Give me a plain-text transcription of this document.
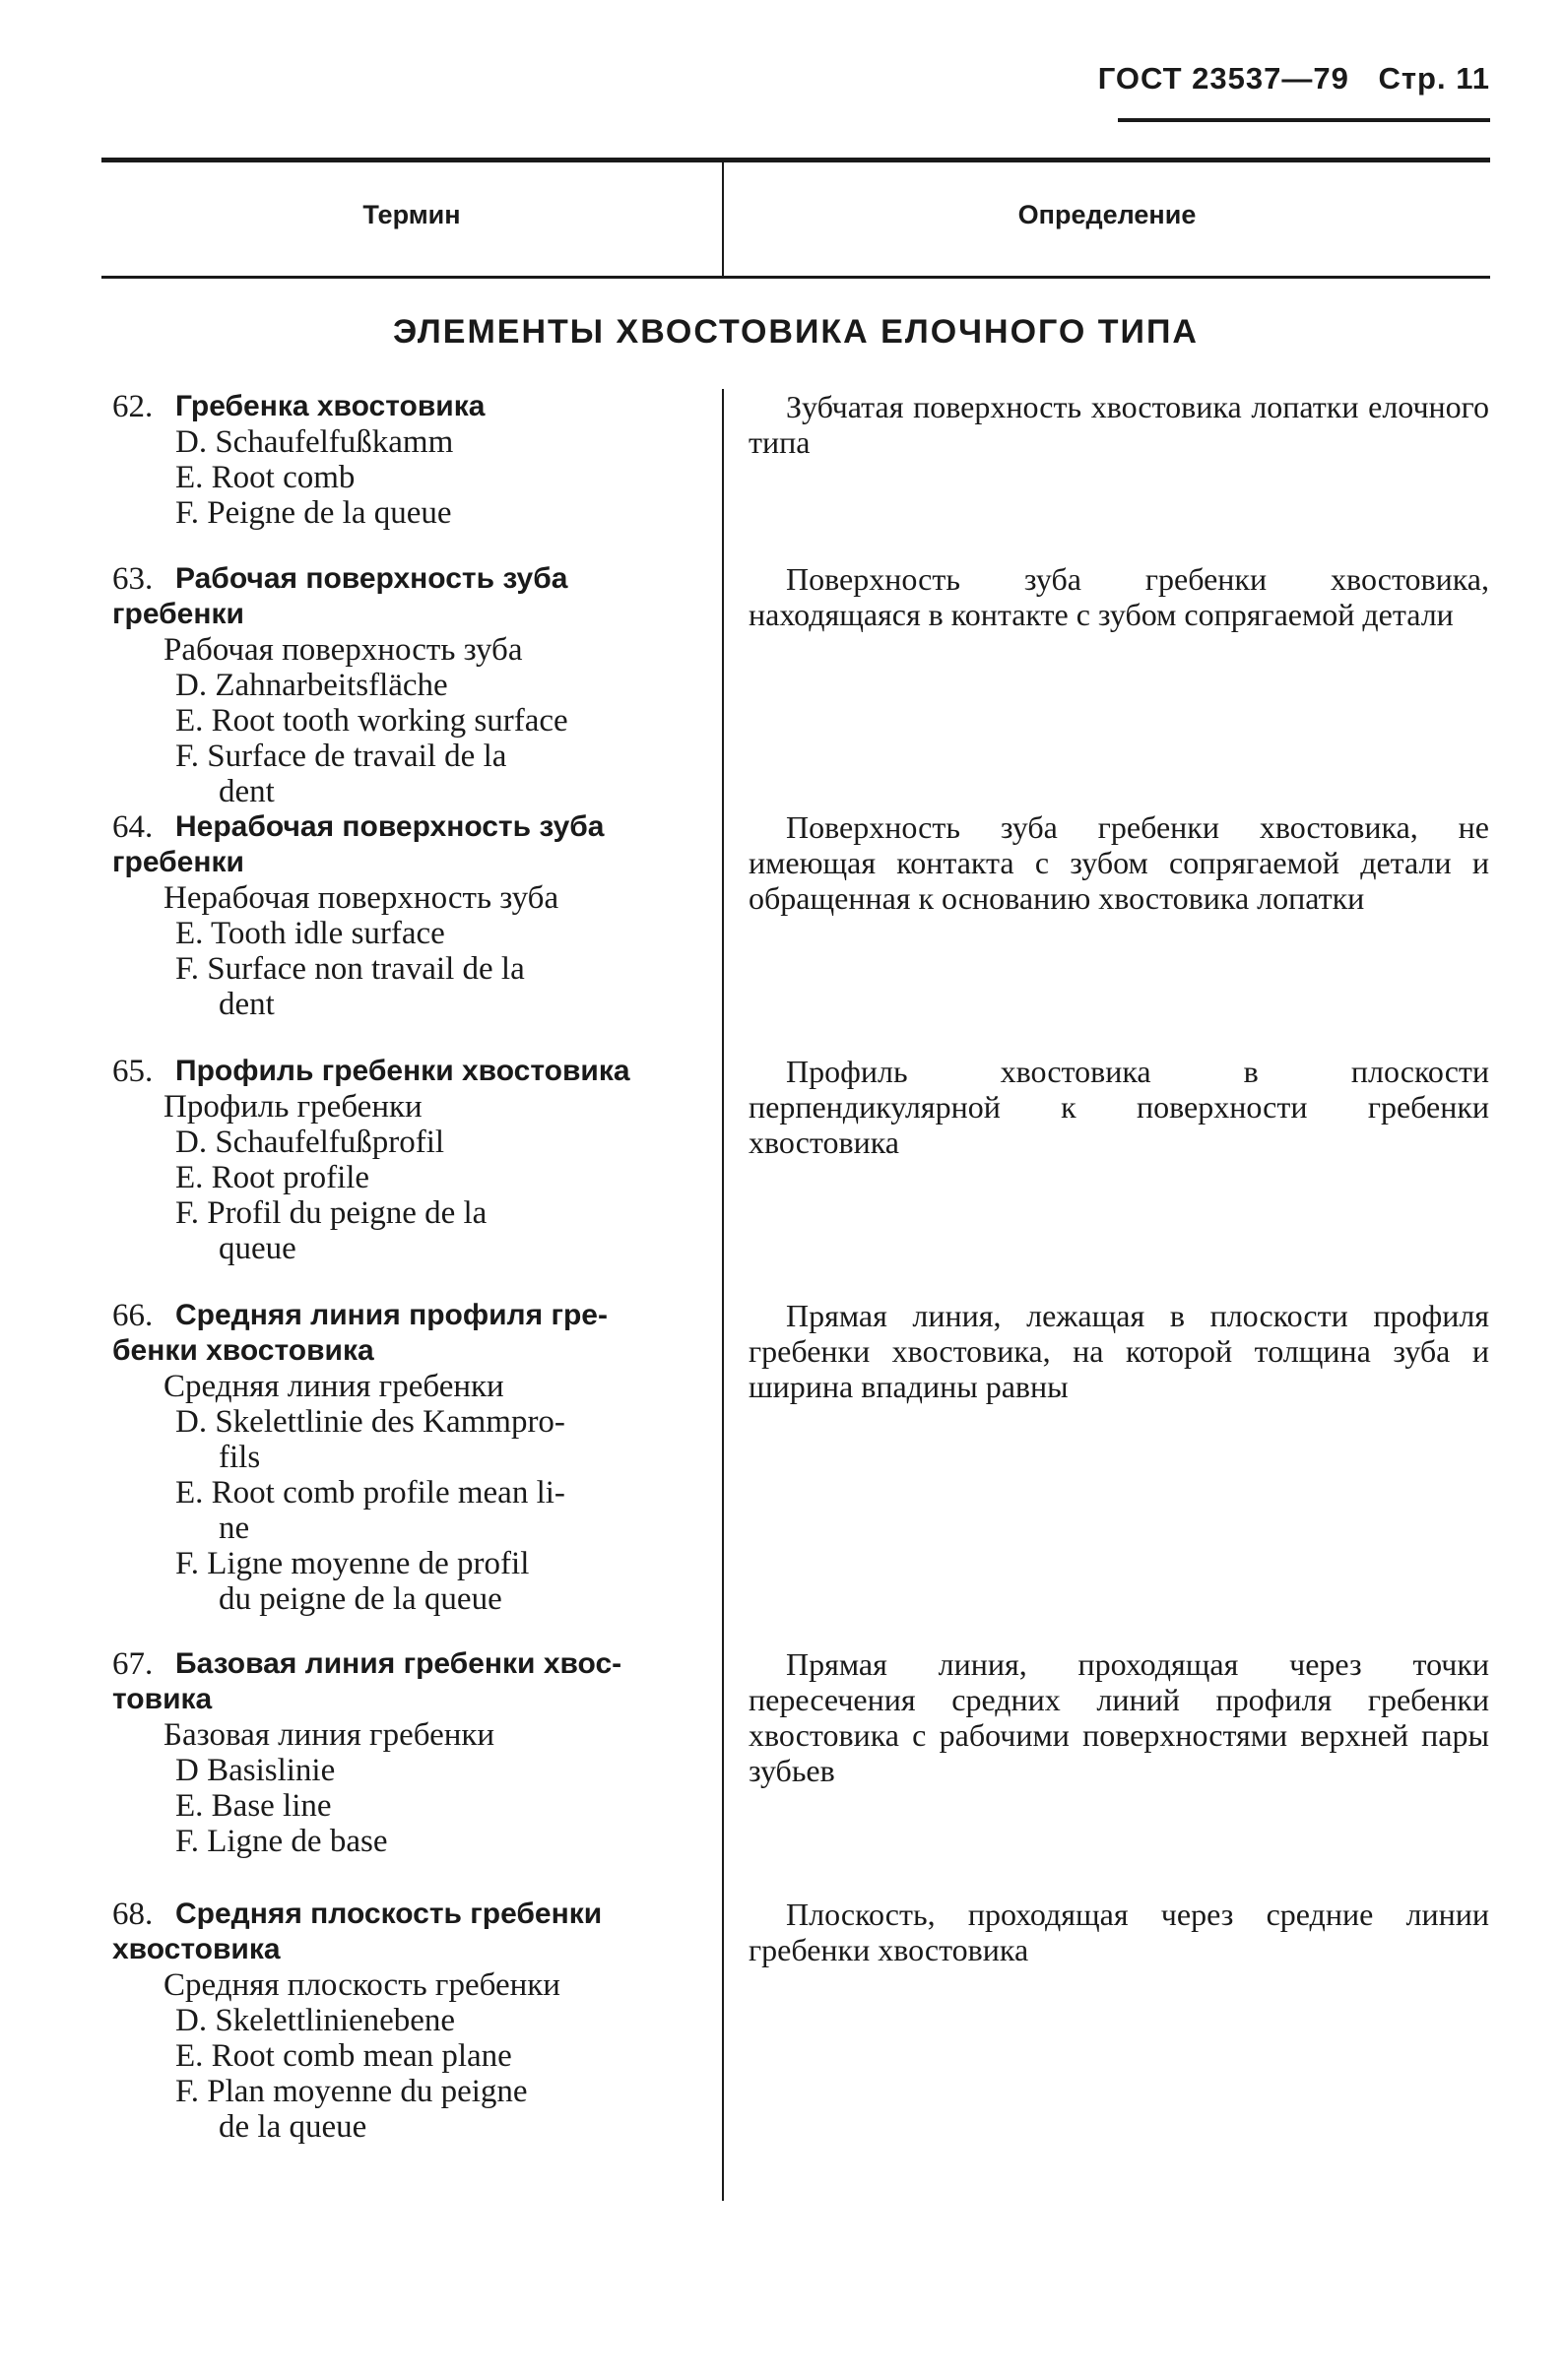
ГОСТ 23537—79 Стр. 11
Термин	Определение
ЭЛЕМЕНТЫ ХВОСТОВИКА ЕЛОЧНОГО ТИПА
62. Гребенка хвостовика
D. Schaufelfußkamm
E. Root comb
F. Peigne de la queue
Зубчатая поверхность хвостовика лопатки елочного типа
63. Рабочая поверхность зуба
гребенки
Рабочая поверхность зуба
D. Zahnarbeitsfläche
E. Root tooth working surface
F. Surface de travail de la
dent
Поверхность зуба гребенки хвостовика, находящаяся в контакте с зубом сопрягаемой детали
64. Нерабочая поверхность зуба
гребенки
Нерабочая поверхность зуба
E. Tooth idle surface
F. Surface non travail de la
dent
Поверхность зуба гребенки хвостовика, не имеющая контакта с зубом сопрягаемой детали и обращенная к основанию хвостовика лопатки
65. Профиль гребенки хвостовика
Профиль гребенки
D. Schaufelfußprofil
E. Root profile
F. Profil du peigne de la
queue
Профиль хвостовика в плоскости перпендикулярной к поверхности гребенки хвостовика
66. Средняя линия профиля гре-
бенки хвостовика
Средняя линия гребенки
D. Skelettlinie des Kammpro-
fils
E. Root comb profile mean li-
ne
F. Ligne moyenne de profil
du peigne de la queue
Прямая линия, лежащая в плоскости профиля гребенки хвостовика, на которой толщина зуба и ширина впадины равны
67. Базовая линия гребенки хвос-
товика
Базовая линия гребенки
D Basislinie
E. Base line
F. Ligne de base
Прямая линия, проходящая через точки пересечения средних линий профиля гребенки хвостовика с рабочими поверхностями верхней пары зубьев
68. Средняя плоскость гребенки
хвостовика
Средняя плоскость гребенки
D. Skelettlinienebene
E. Root comb mean plane
F. Plan moyenne du peigne
de la queue
Плоскость, проходящая через средние линии гребенки хвостовика
